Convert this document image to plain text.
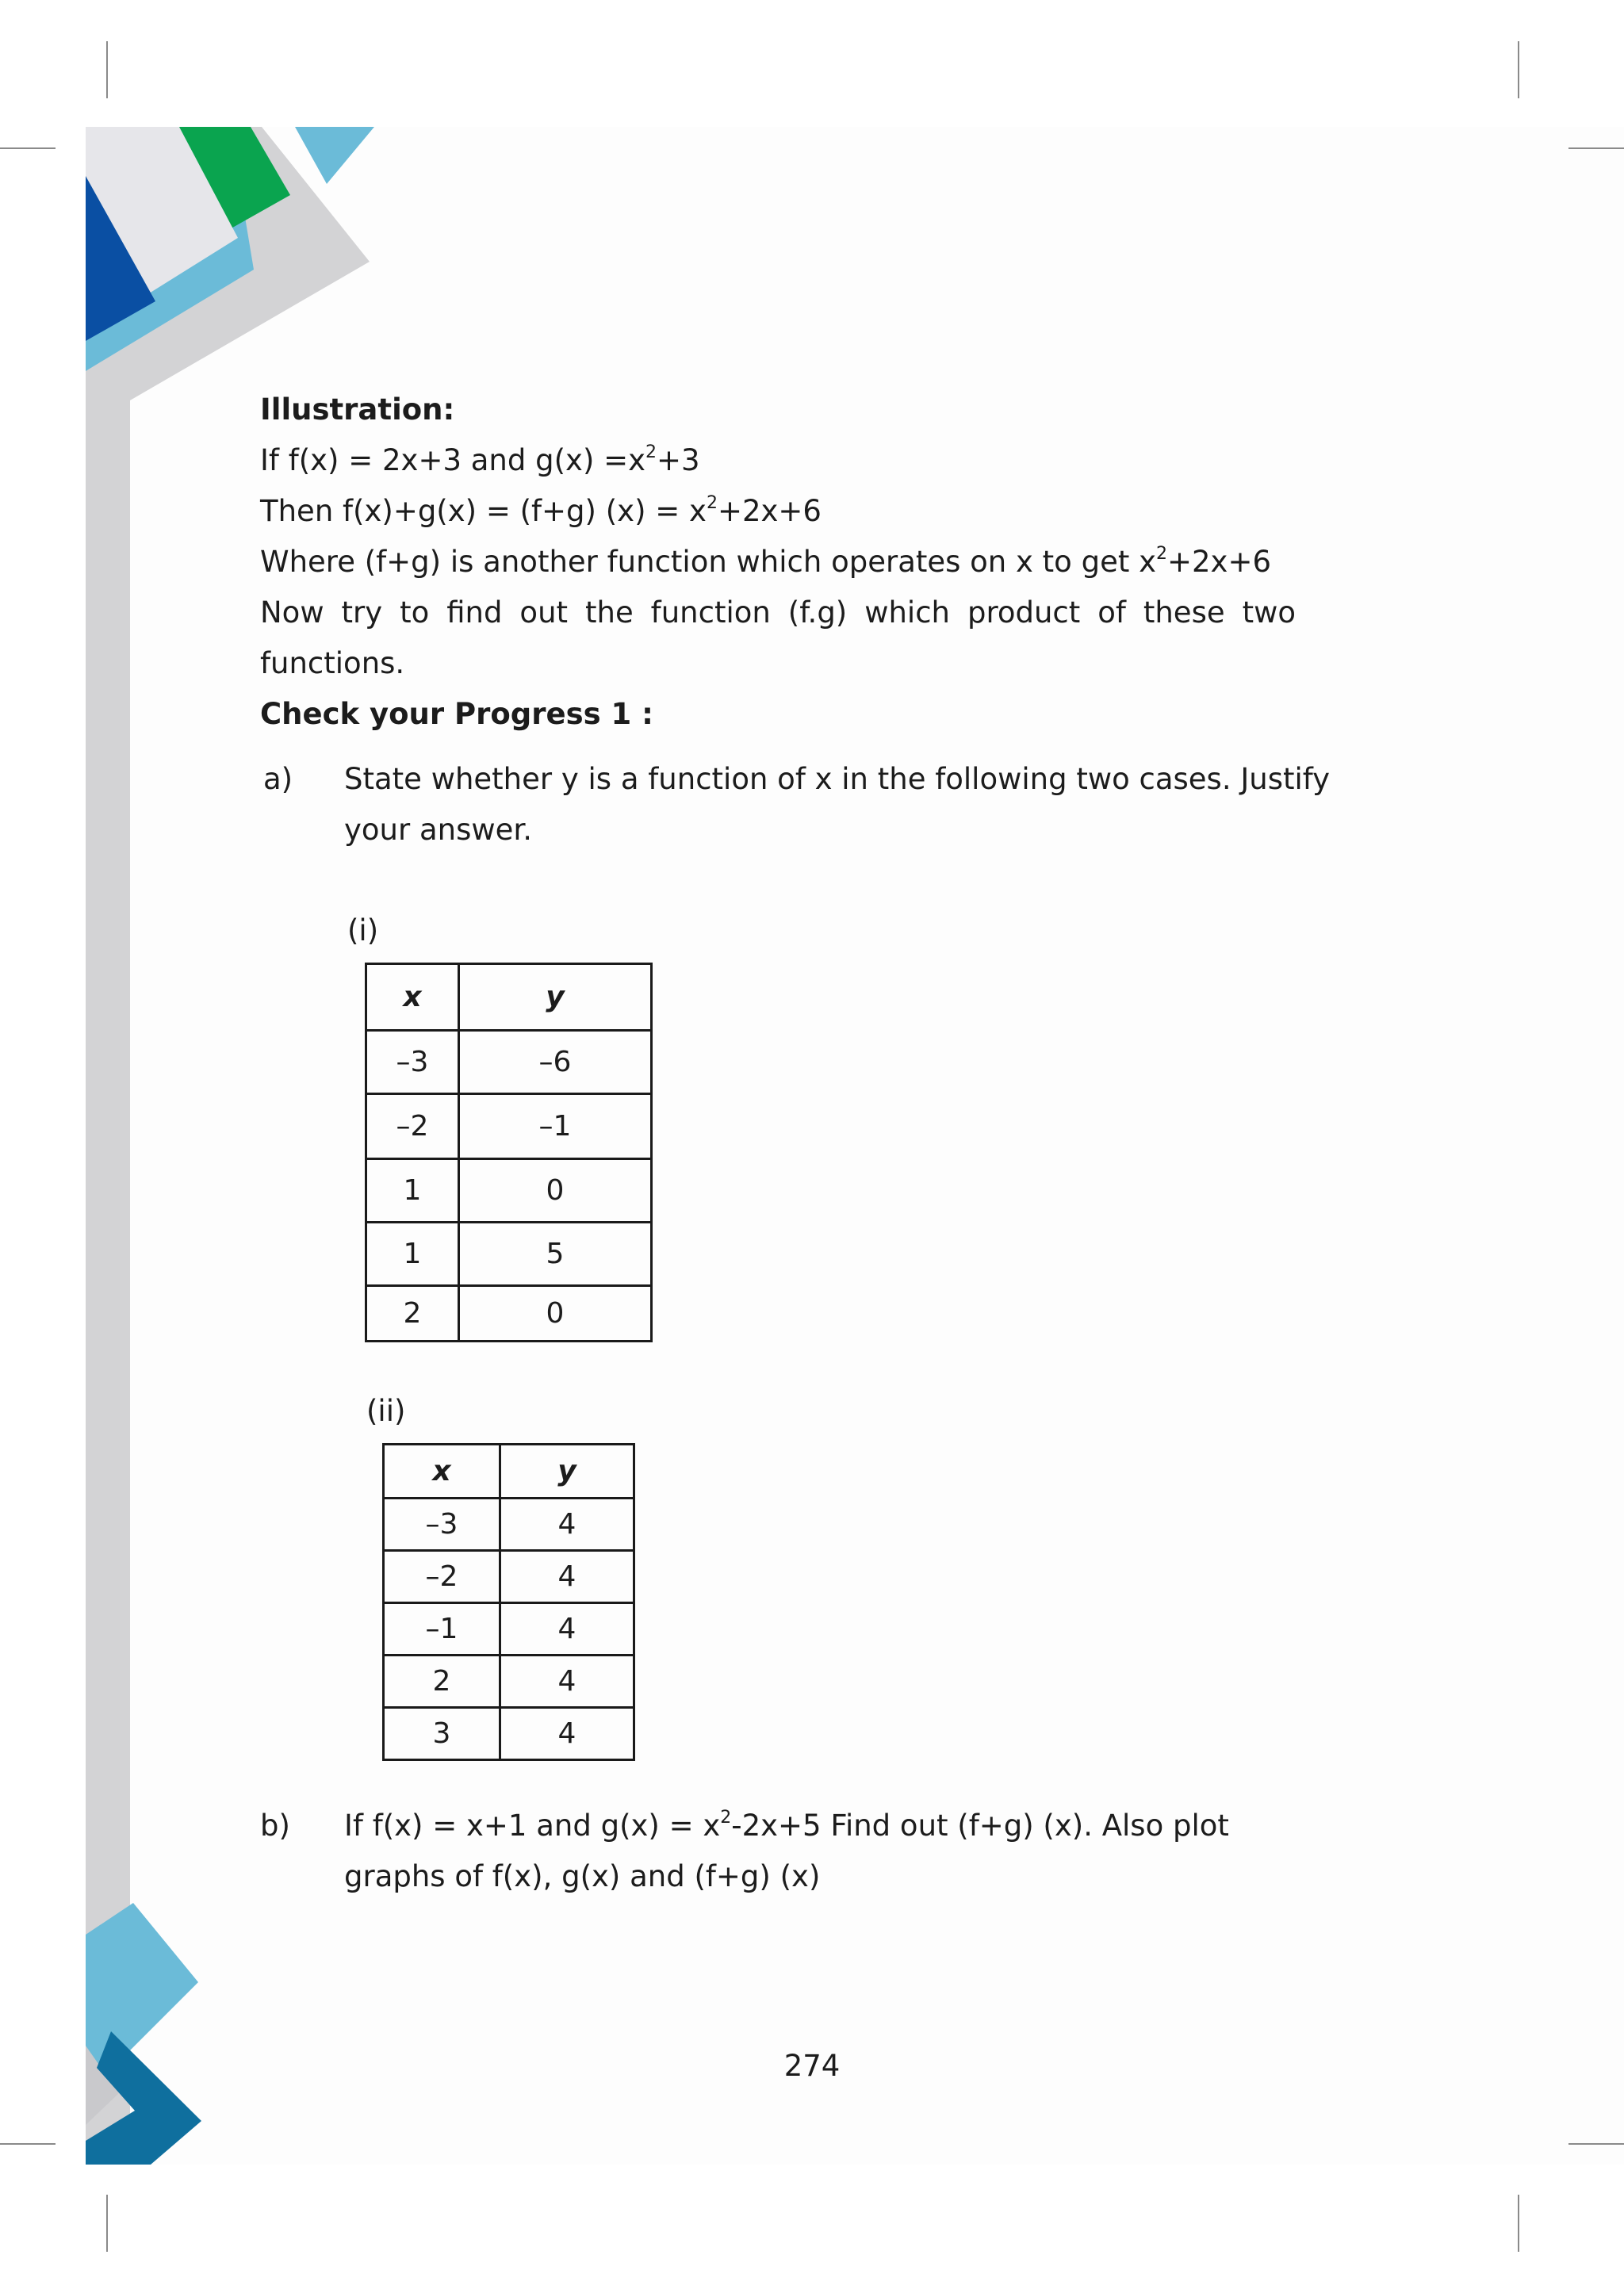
Illustration:
If f(x) = 2x+3 and $g(x) =x^2+3$
Then f(x)+g(x) = (f+g) $(x) = x^2+2x+6$
Where (f+g) is another function which operates on x to get $x^2+2x+6$
Now try to find out the function (f.g) which product of these two
functions.
Check your Progress 1 :
a) State whether y is a function of x in the following two cases. Justify
your answer.
(i)
x	y
–3	–6
–2	–1
1	0
1	5
2	0
(ii)
x	y
–3	4
–2	4
–1	4
2	4
3	4
b) If f(x) = x+1 and $g(x) = x^2-2x+5$ Find out (f+g) (x). Also plot
graphs of f(x), g(x) and (f+g) (x)
274
